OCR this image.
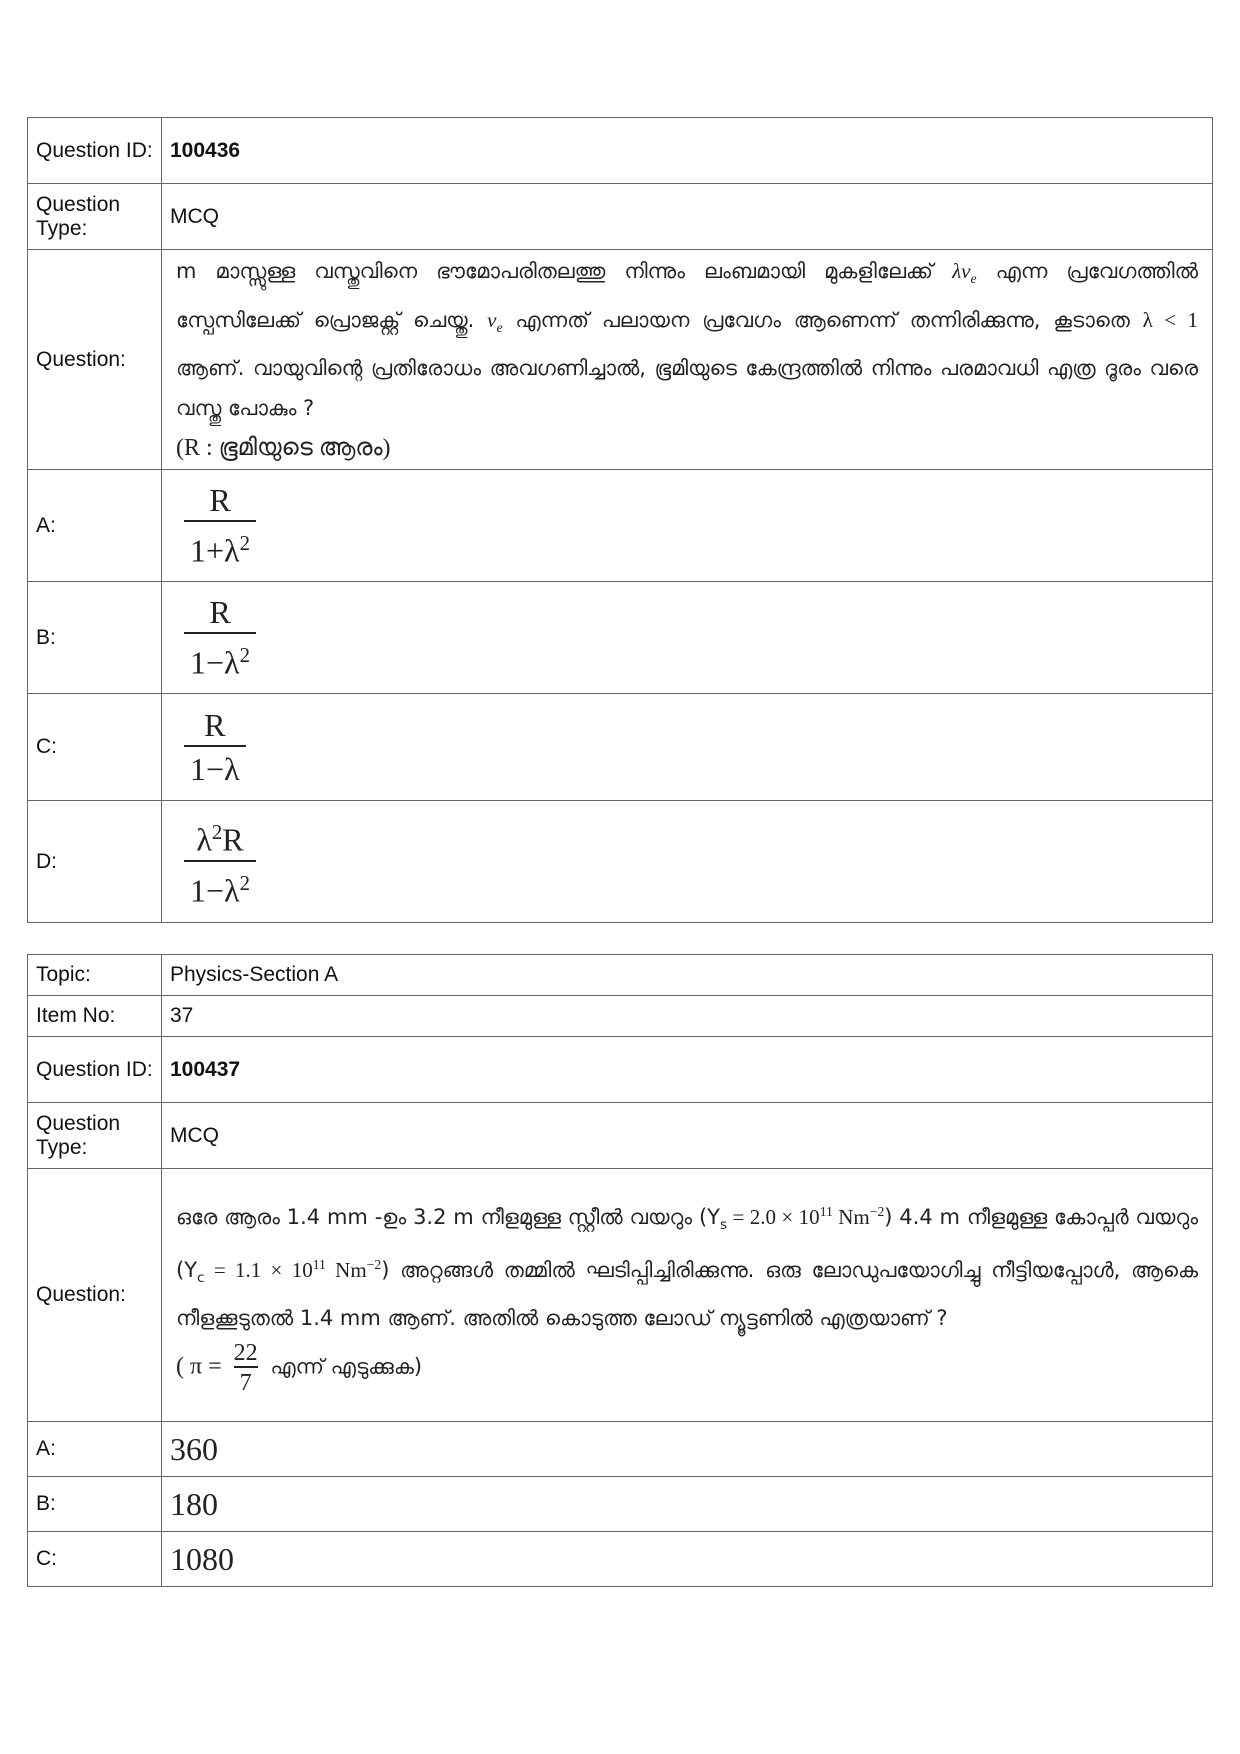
Question ID:	100436
Question Type:	MCQ
Question:	m മാസ്സുള്ള വസ്തുവിനെ ഭൗമോപരിതലത്തു നിന്നും ലംബമായി മുകളിലേക്ക് $\lambda v_e$ എന്ന പ്രവേഗത്തിൽ സ്പേസിലേക്ക് പ്രൊജക്റ്റ് ചെയ്തു. $v_e$ എന്നത് പലായന പ്രവേഗം ആണെന്ന് തന്നിരിക്കുന്നു, കൂടാതെ λ < 1 ആണ്. വായുവിന്റെ പ്രതിരോധം അവഗണിച്ചാൽ, ഭൂമിയുടെ കേന്ദ്രത്തിൽ നിന്നും പരമാവധി എത്ര ദൂരം വരെ വസ്തു പോകും ?
(R : ഭൂമിയുടെ ആരം)

A:	$\frac{R}{1+\lambda^2}$

B:	$\frac{R}{1-\lambda^2}$

C:	$\frac{R}{1-\lambda}$

D:	$\frac{\lambda^2R}{1-\lambda^2}$
Topic:	Physics-Section A
Item No:	37
Question ID:	100437
Question Type:	MCQ
Question:	ഒരേ ആരം 1.4 mm -ഉം 3.2 m നീളമുള്ള സ്റ്റീൽ വയറും ($Y_s = 2.0 \times 10^{11}$ $Nm^{-2}$) 4.4 m നീളമുള്ള കോപ്പർ വയറും ($Y_c = 1.1 \times 10^{11}$ $Nm^{-2}$) അറ്റങ്ങൾ തമ്മിൽ ഘടിപ്പിച്ചിരിക്കുന്നു. ഒരു ലോഡുപയോഗിച്ചു നീട്ടിയപ്പോൾ, ആകെ നീളക്കൂടുതൽ 1.4 mm ആണ്. അതിൽ കൊടുത്ത ലോഡ് ന്യൂട്ടണിൽ എത്രയാണ് ?
( $\pi = \frac{22}{7}$ എന്ന് എടുക്കുക)

A:	360
B:	180
C:	1080
